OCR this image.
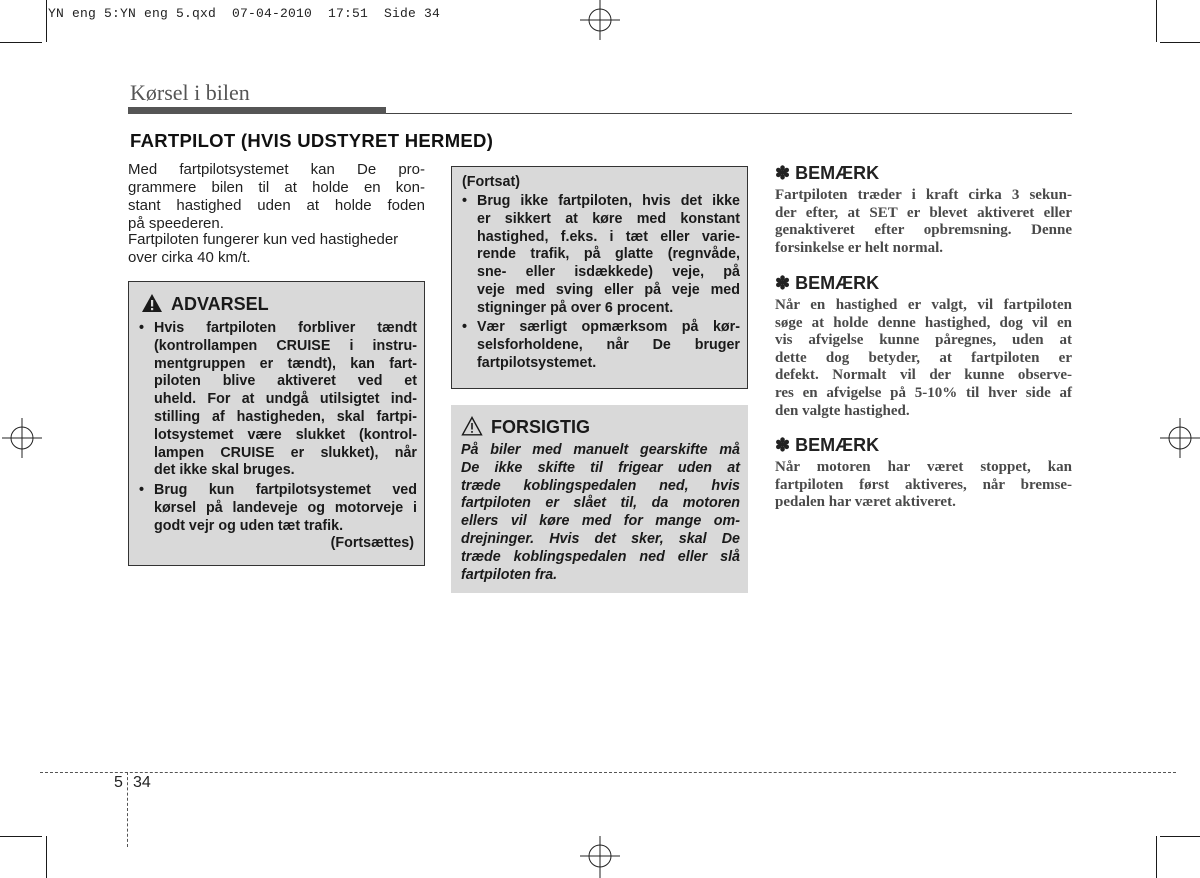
YN eng 5:YN eng 5.qxd  07-04-2010  17:51  Side 34
Kørsel i bilen
FARTPILOT (HVIS UDSTYRET HERMED)
Med fartpilotsystemet kan De pro-
grammere bilen til at holde en kon-
stant hastighed uden at holde foden
på speederen.
Fartpiloten fungerer kun ved hastigheder
over cirka 40 km/t.
ADVARSEL
• Hvis fartpiloten forbliver tændt
(kontrollampen CRUISE i instru-
mentgruppen er tændt), kan fart-
piloten blive aktiveret ved et
uheld. For at undgå utilsigtet ind-
stilling af hastigheden, skal fartpi-
lotsystemet være slukket (kontrol-
lampen CRUISE er slukket), når
det ikke skal bruges.
• Brug kun fartpilotsystemet ved
kørsel på landeveje og motorveje i
godt vejr og uden tæt trafik.
(Fortsættes)
(Fortsat)
• Brug ikke fartpiloten, hvis det ikke
er sikkert at køre med konstant
hastighed, f.eks. i tæt eller varie-
rende trafik, på glatte (regnvåde,
sne- eller isdækkede) veje, på
veje med sving eller på veje med
stigninger på over 6 procent.
• Vær særligt opmærksom på kør-
selsforholdene, når De bruger
fartpilotsystemet.
FORSIGTIG
På biler med manuelt gearskifte må
De ikke skifte til frigear uden at
træde koblingspedalen ned, hvis
fartpiloten er slået til, da motoren
ellers vil køre med for mange om-
drejninger. Hvis det sker, skal De
træde koblingspedalen ned eller slå
fartpiloten fra.
✽ BEMÆRK
Fartpiloten træder i kraft cirka 3 sekun-
der efter, at SET er blevet aktiveret eller
genaktiveret efter opbremsning. Denne
forsinkelse er helt normal.
✽ BEMÆRK
Når en hastighed er valgt, vil fartpiloten
søge at holde denne hastighed, dog vil en
vis afvigelse kunne påregnes, uden at
dette dog betyder, at fartpiloten er
defekt. Normalt vil der kunne observe-
res en afvigelse på 5-10% til hver side af
den valgte hastighed.
✽ BEMÆRK
Når motoren har været stoppet, kan
fartpiloten først aktiveres, når bremse-
pedalen har været aktiveret.
5 34
